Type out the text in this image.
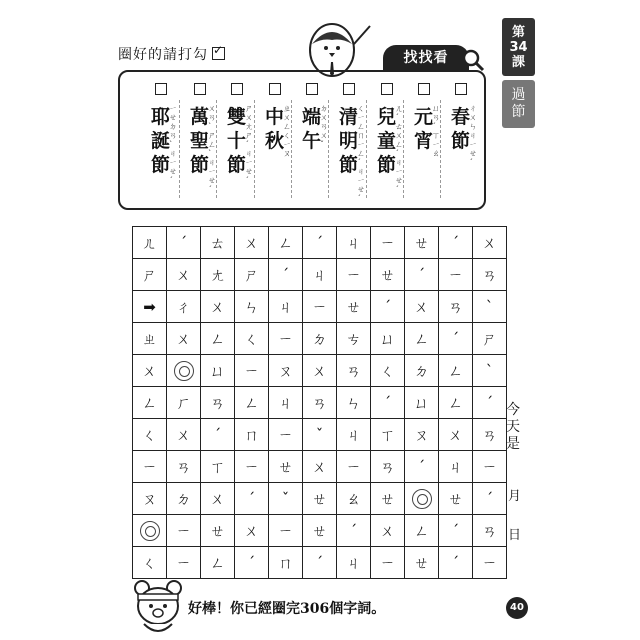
圈好的請打勾 ✓	找找看
第
34
課
過
節
春節
ㄔㄨㄣ ㄐㄧㄝˊ
元宵
ㄩㄢˊ ㄒㄧㄠ
兒童節
ㄦˊ ㄊㄨㄥˊ ㄐㄧㄝˊ
清明節
ㄑㄧㄥ ㄇㄧㄥˊ ㄐㄧㄝˊ
端午
ㄉㄨㄢ ㄨˇ
中秋
ㄓㄨㄥ ㄑㄧㄡ
雙十節
ㄕㄨㄤ ㄕˊ ㄐㄧㄝˊ
萬聖節
ㄨㄢˋ ㄕㄥˋ ㄐㄧㄝˊ
耶誕節
ㄧㄝ ㄉㄢˋ ㄐㄧㄝˊ
ㄦ	ˊ	ㄊ	ㄨ	ㄥ	ˊ	ㄐ	ㄧ	ㄝ	ˊ	ㄨ
ㄕ	ㄨ	ㄤ	ㄕ	ˊ	ㄐ	ㄧ	ㄝ	ˊ	ㄧ	ㄢ
➡	ㄔ	ㄨ	ㄣ	ㄐ	ㄧ	ㄝ	ˊ	ㄨ	ㄢ	ˋ
ㄓ	ㄨ	ㄥ	ㄑ	ㄧ	ㄉ	ㄘ	ㄩ	ㄥ	ˊ	ㄕ
ㄨ		ㄩ	ㄧ	ㄡ	ㄨ	ㄢ	ㄑ	ㄉ	ㄥ	ˋ
ㄥ	ㄏ	ㄢ	ㄥ	ㄐ	ㄢ	ㄣ	ˊ	ㄩ	ㄥ	ˊ
ㄑ	ㄨ	ˊ	ㄇ	ㄧ	ˇ	ㄐ	ㄒ	ㄡ	ㄨ	ㄢ
ㄧ	ㄢ	ㄒ	ㄧ	ㄝ	ㄨ	ㄧ	ㄢ	ˊ	ㄐ	ㄧ
ㄡ	ㄉ	ㄨ	ˊ	ˇ	ㄝ	ㄠ	ㄝ		ㄝ	ˊ
	ㄧ	ㄝ	ㄨ	ㄧ	ㄝ	ˊ	ㄨ	ㄥ	ˊ	ㄢ
ㄑ	ㄧ	ㄥ	ˊ	ㄇ	ˊ	ㄐ	ㄧ	ㄝ	ˊ	ㄧ
今天是
月
日
好棒！你已經圈完306個字詞。	40
